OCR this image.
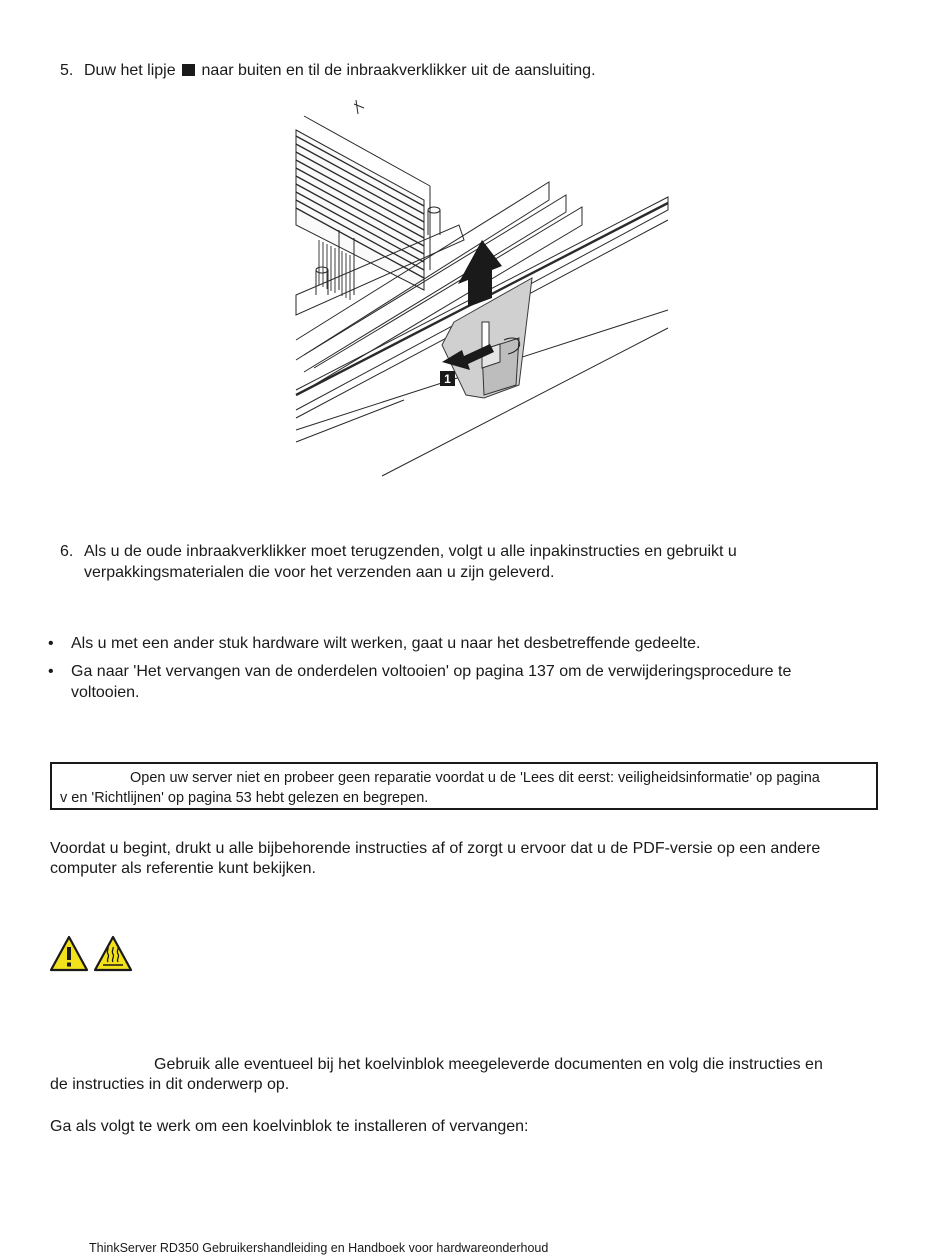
5. Duw het lipje naar buiten en til de inbraakverklikker uit de aansluiting.
1
6. Als u de oude inbraakverklikker moet terugzenden, volgt u alle inpakinstructies en gebruikt u
verpakkingsmaterialen die voor het verzenden aan u zijn geleverd.
• Als u met een ander stuk hardware wilt werken, gaat u naar het desbetreffende gedeelte.
• Ga naar 'Het vervangen van de onderdelen voltooien' op pagina 137 om de verwijderingsprocedure te
voltooien.
Open uw server niet en probeer geen reparatie voordat u de 'Lees dit eerst: veiligheidsinformatie' op pagina
v en 'Richtlijnen' op pagina 53 hebt gelezen en begrepen.
Voordat u begint, drukt u alle bijbehorende instructies af of zorgt u ervoor dat u de PDF-versie op een andere
computer als referentie kunt bekijken.
Gebruik alle eventueel bij het koelvinblok meegeleverde documenten en volg die instructies en
de instructies in dit onderwerp op.
Ga als volgt te werk om een koelvinblok te installeren of vervangen:
ThinkServer RD350 Gebruikershandleiding en Handboek voor hardwareonderhoud
